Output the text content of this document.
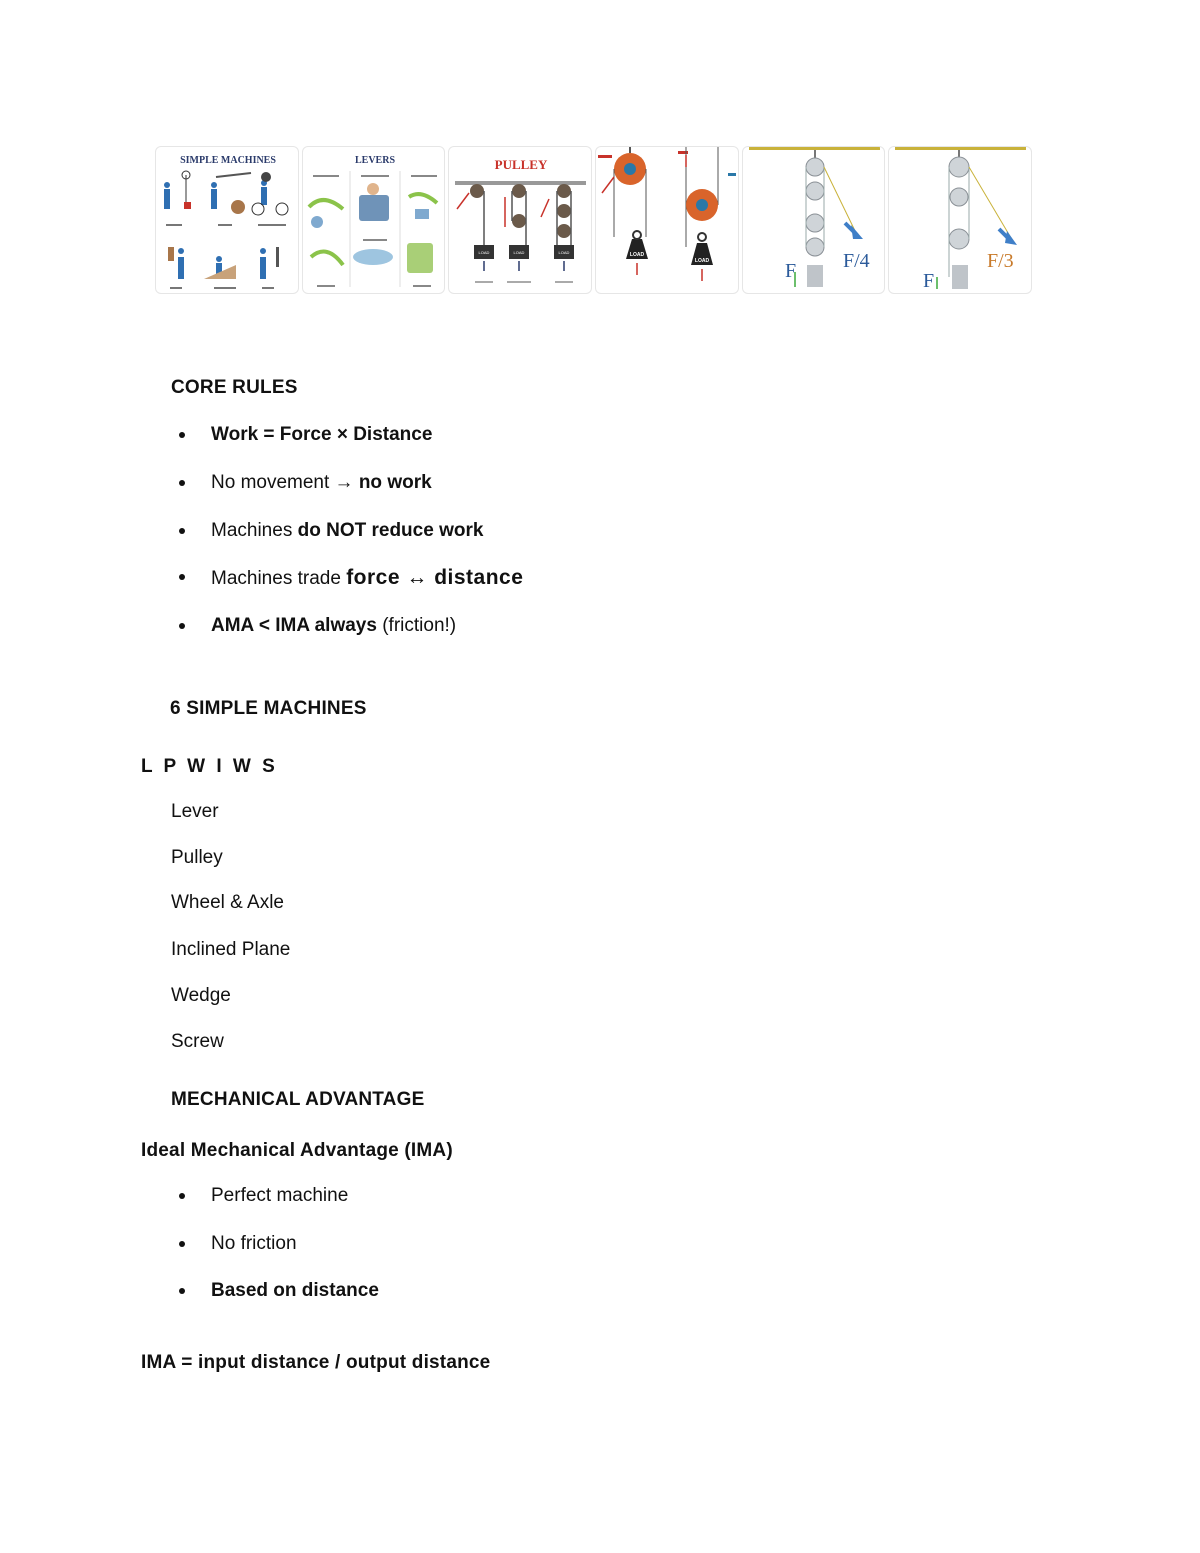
SIMPLE MACHINES	LEVERS	PULLEY
LOAD	LOAD	LOAD	LOAD
LOAD	F F/4
F
F/3
CORE RULES
Work = Force × Distance
No movement → no work
Machines do NOT reduce work
Machines trade force ↔ distance
AMA < IMA always (friction!)
6 SIMPLE MACHINES
L P W I W S
Lever
Pulley
Wheel & Axle
Inclined Plane
Wedge
Screw
MECHANICAL ADVANTAGE
Ideal Mechanical Advantage (IMA)
Perfect machine
No friction
Based on distance
IMA = input distance / output distance
